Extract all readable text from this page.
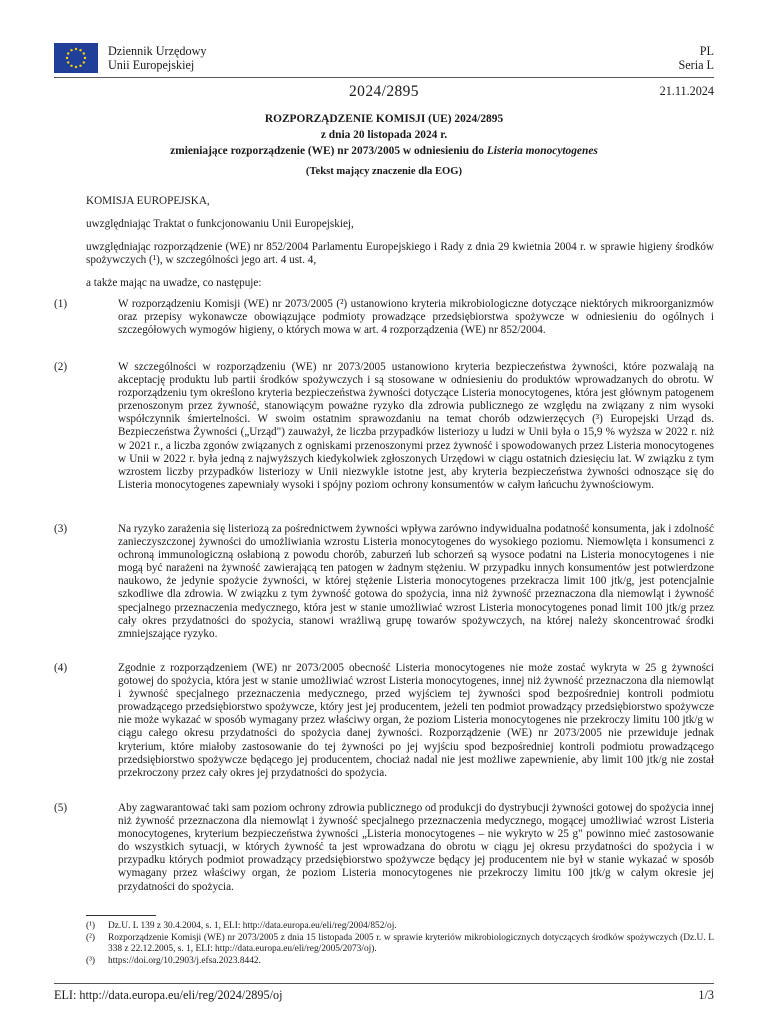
Dziennik Urzędowy
Unii Europejskiej
PL
Seria L
2024/2895	21.11.2024
ROZPORZĄDZENIE KOMISJI (UE) 2024/2895
z dnia 20 listopada 2024 r.
zmieniające rozporządzenie (WE) nr 2073/2005 w odniesieniu do Listeria monocytogenes
(Tekst mający znaczenie dla EOG)
KOMISJA EUROPEJSKA,
uwzględniając Traktat o funkcjonowaniu Unii Europejskiej,
uwzględniając rozporządzenie (WE) nr 852/2004 Parlamentu Europejskiego i Rady z dnia 29 kwietnia 2004 r. w sprawie higieny środków spożywczych (¹), w szczególności jego art. 4 ust. 4,
a także mając na uwadze, co następuje:
(1)	W rozporządzeniu Komisji (WE) nr 2073/2005 (²) ustanowiono kryteria mikrobiologiczne dotyczące niektórych mikroorganizmów oraz przepisy wykonawcze obowiązujące podmioty prowadzące przedsiębiorstwa spożywcze w odniesieniu do ogólnych i szczegółowych wymogów higieny, o których mowa w art. 4 rozporządzenia (WE) nr 852/2004.
(2)	W szczególności w rozporządzeniu (WE) nr 2073/2005 ustanowiono kryteria bezpieczeństwa żywności, które pozwalają na akceptację produktu lub partii środków spożywczych i są stosowane w odniesieniu do produktów wprowadzanych do obrotu. W rozporządzeniu tym określono kryteria bezpieczeństwa żywności dotyczące Listeria monocytogenes, która jest głównym patogenem przenoszonym przez żywność, stanowiącym poważne ryzyko dla zdrowia publicznego ze względu na związany z nim wysoki współczynnik śmiertelności. W swoim ostatnim sprawozdaniu na temat chorób odzwierzęcych (³) Europejski Urząd ds. Bezpieczeństwa Żywności („Urząd") zauważył, że liczba przypadków listeriozy u ludzi w Unii była o 15,9 % wyższa w 2022 r. niż w 2021 r., a liczba zgonów związanych z ogniskami przenoszonymi przez żywność i spowodowanych przez Listeria monocytogenes w Unii w 2022 r. była jedną z najwyższych kiedykolwiek zgłoszonych Urzędowi w ciągu ostatnich dziesięciu lat. W związku z tym wzrostem liczby przypadków listeriozy w Unii niezwykle istotne jest, aby kryteria bezpieczeństwa żywności odnoszące się do Listeria monocytogenes zapewniały wysoki i spójny poziom ochrony konsumentów w całym łańcuchu żywnościowym.
(3)	Na ryzyko zarażenia się listeriozą za pośrednictwem żywności wpływa zarówno indywidualna podatność konsumenta, jak i zdolność zanieczyszczonej żywności do umożliwiania wzrostu Listeria monocytogenes do wysokiego poziomu. Niemowlęta i konsumenci z ochroną immunologiczną osłabioną z powodu chorób, zaburzeń lub schorzeń są wysoce podatni na Listeria monocytogenes i nie mogą być narażeni na żywność zawierającą ten patogen w żadnym stężeniu. W przypadku innych konsumentów jest potwierdzone naukowo, że jedynie spożycie żywności, w której stężenie Listeria monocytogenes przekracza limit 100 jtk/g, jest potencjalnie szkodliwe dla zdrowia. W związku z tym żywność gotowa do spożycia, inna niż żywność przeznaczona dla niemowląt i żywność specjalnego przeznaczenia medycznego, która jest w stanie umożliwiać wzrost Listeria monocytogenes ponad limit 100 jtk/g przez cały okres przydatności do spożycia, stanowi wrażliwą grupę towarów spożywczych, na której należy skoncentrować środki zmniejszające ryzyko.
(4)	Zgodnie z rozporządzeniem (WE) nr 2073/2005 obecność Listeria monocytogenes nie może zostać wykryta w 25 g żywności gotowej do spożycia, która jest w stanie umożliwiać wzrost Listeria monocytogenes, innej niż żywność przeznaczona dla niemowląt i żywność specjalnego przeznaczenia medycznego, przed wyjściem tej żywności spod bezpośredniej kontroli podmiotu prowadzącego przedsiębiorstwo spożywcze, który jest jej producentem, jeżeli ten podmiot prowadzący przedsiębiorstwo spożywcze nie może wykazać w sposób wymagany przez właściwy organ, że poziom Listeria monocytogenes nie przekroczy limitu 100 jtk/g w ciągu całego okresu przydatności do spożycia danej żywności. Rozporządzenie (WE) nr 2073/2005 nie przewiduje jednak kryterium, które miałoby zastosowanie do tej żywności po jej wyjściu spod bezpośredniej kontroli podmiotu prowadzącego przedsiębiorstwo spożywcze będącego jej producentem, chociaż nadal nie jest możliwe zapewnienie, aby limit 100 jtk/g nie został przekroczony przez cały okres jej przydatności do spożycia.
(5)	Aby zagwarantować taki sam poziom ochrony zdrowia publicznego od produkcji do dystrybucji żywności gotowej do spożycia innej niż żywność przeznaczona dla niemowląt i żywność specjalnego przeznaczenia medycznego, mogącej umożliwiać wzrost Listeria monocytogenes, kryterium bezpieczeństwa żywności „Listeria monocytogenes – nie wykryto w 25 g" powinno mieć zastosowanie do wszystkich sytuacji, w których żywność ta jest wprowadzana do obrotu w ciągu jej okresu przydatności do spożycia i w przypadku których podmiot prowadzący przedsiębiorstwo spożywcze będący jej producentem nie był w stanie wykazać w sposób wymagany przez właściwy organ, że poziom Listeria monocytogenes nie przekroczy limitu 100 jtk/g w całym okresie jej przydatności do spożycia.
(¹) Dz.U. L 139 z 30.4.2004, s. 1, ELI: http://data.europa.eu/eli/reg/2004/852/oj.
(²) Rozporządzenie Komisji (WE) nr 2073/2005 z dnia 15 listopada 2005 r. w sprawie kryteriów mikrobiologicznych dotyczących środków spożywczych (Dz.U. L 338 z 22.12.2005, s. 1, ELI: http://data.europa.eu/eli/reg/2005/2073/oj).
(³) https://doi.org/10.2903/j.efsa.2023.8442.
ELI: http://data.europa.eu/eli/reg/2024/2895/oj	1/3
